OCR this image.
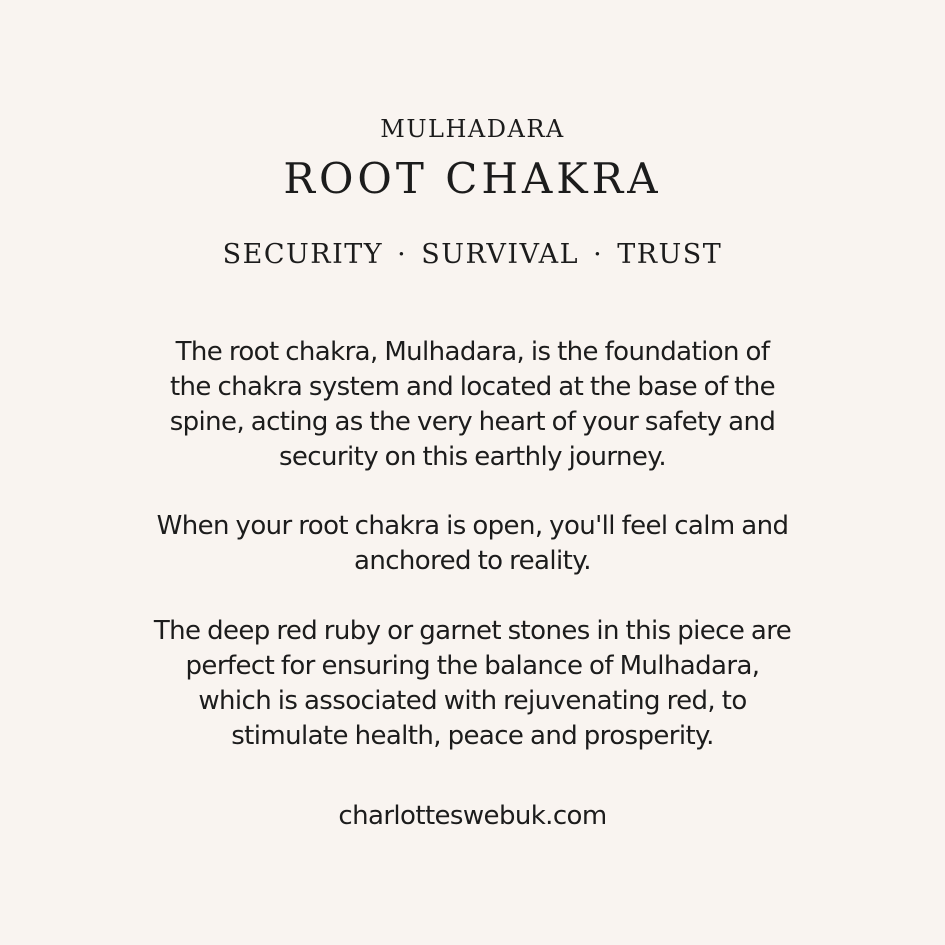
MULHADARA
ROOT CHAKRA
SECURITY · SURVIVAL · TRUST

The root chakra, Mulhadara, is the foundation of
the chakra system and located at the base of the
spine, acting as the very heart of your safety and
security on this earthly journey.

When your root chakra is open, you'll feel calm and
anchored to reality.

The deep red ruby or garnet stones in this piece are
perfect for ensuring the balance of Mulhadara,
which is associated with rejuvenating red, to
stimulate health, peace and prosperity.

charlotteswebuk.com
